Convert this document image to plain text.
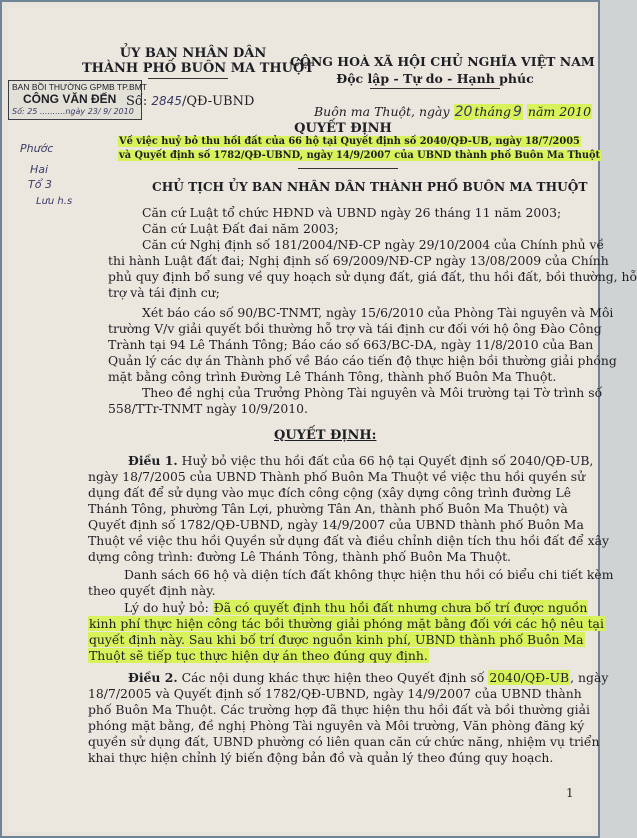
ỦY BAN NHÂN DÂN
THÀNH PHỐ BUÔN MA THUỘT
CỘNG HOÀ XÃ HỘI CHỦ NGHĨA VIỆT NAM
Độc lập - Tự do - Hạnh phúc
BAN BỒI THƯỜNG GPMB TP.BMT
CÔNG VĂN ĐẾN
Số: 25 ..........ngày 23/ 9/ 2010
Số: 2845/QĐ-UBND
Buôn ma Thuột, ngày 20 tháng 9 năm 2010
Phước
Hai
Tổ 3
Lưu h.s
QUYẾT ĐỊNH
Về việc huỷ bỏ thu hồi đất của 66 hộ tại Quyết định số 2040/QĐ-UB, ngày 18/7/2005
và Quyết định số 1782/QĐ-UBND, ngày 14/9/2007 của UBND thành phố Buôn Ma Thuột
CHỦ TỊCH ỦY BAN NHÂN DÂN THÀNH PHỐ BUÔN MA THUỘT
Căn cứ Luật tổ chức HĐND và UBND ngày 26 tháng 11 năm 2003;
Căn cứ Luật Đất đai năm 2003;
Căn cứ Nghị định số 181/2004/NĐ-CP ngày 29/10/2004 của Chính phủ về
thi hành Luật đất đai; Nghị định số 69/2009/NĐ-CP ngày 13/08/2009 của Chính
phủ quy định bổ sung về quy hoạch sử dụng đất, giá đất, thu hồi đất, bồi thường, hỗ
trợ và tái định cư;
Xét báo cáo số 90/BC-TNMT, ngày 15/6/2010 của Phòng Tài nguyên và Môi
trường V/v giải quyết bồi thường hỗ trợ và tái định cư đối với hộ ông Đào Công
Trành tại 94 Lê Thánh Tông; Báo cáo số 663/BC-DA, ngày 11/8/2010 của Ban
Quản lý các dự án Thành phố về Báo cáo tiến độ thực hiện bồi thường giải phóng
mặt bằng công trình Đường Lê Thánh Tông, thành phố Buôn Ma Thuột.
Theo đề nghị của Trưởng Phòng Tài nguyên và Môi trường tại Tờ trình số
558/TTr-TNMT ngày 10/9/2010.
QUYẾT ĐỊNH:
Điều 1. Huỷ bỏ việc thu hồi đất của 66 hộ tại Quyết định số 2040/QĐ-UB,
ngày 18/7/2005 của UBND Thành phố Buôn Ma Thuột về việc thu hồi quyền sử
dụng đất để sử dụng vào mục đích công cộng (xây dựng công trình đường Lê
Thánh Tông, phường Tân Lợi, phường Tân An, thành phố Buôn Ma Thuột) và
Quyết định số 1782/QĐ-UBND, ngày 14/9/2007 của UBND thành phố Buôn Ma
Thuột về việc thu hồi Quyền sử dụng đất và điều chỉnh diện tích thu hồi đất để xây
dựng công trình: đường Lê Thánh Tông, thành phố Buôn Ma Thuột.
Danh sách 66 hộ và diện tích đất không thực hiện thu hồi có biểu chi tiết kèm
theo quyết định này.
Lý do huỷ bỏ: Đã có quyết định thu hồi đất nhưng chưa bố trí được nguồn
kinh phí thực hiện công tác bồi thường giải phóng mặt bằng đối với các hộ nêu tại
quyết định này. Sau khi bố trí được nguồn kinh phí, UBND thành phố Buôn Ma
Thuột sẽ tiếp tục thực hiện dự án theo đúng quy định.
Điều 2. Các nội dung khác thực hiện theo Quyết định số 2040/QĐ-UB, ngày
18/7/2005 và Quyết định số 1782/QĐ-UBND, ngày 14/9/2007 của UBND thành
phố Buôn Ma Thuột. Các trường hợp đã thực hiện thu hồi đất và bồi thường giải
phóng mặt bằng, đề nghị Phòng Tài nguyên và Môi trường, Văn phòng đăng ký
quyền sử dụng đất, UBND phường có liên quan căn cứ chức năng, nhiệm vụ triển
khai thực hiện chỉnh lý biến động bản đồ và quản lý theo đúng quy hoạch.
1
